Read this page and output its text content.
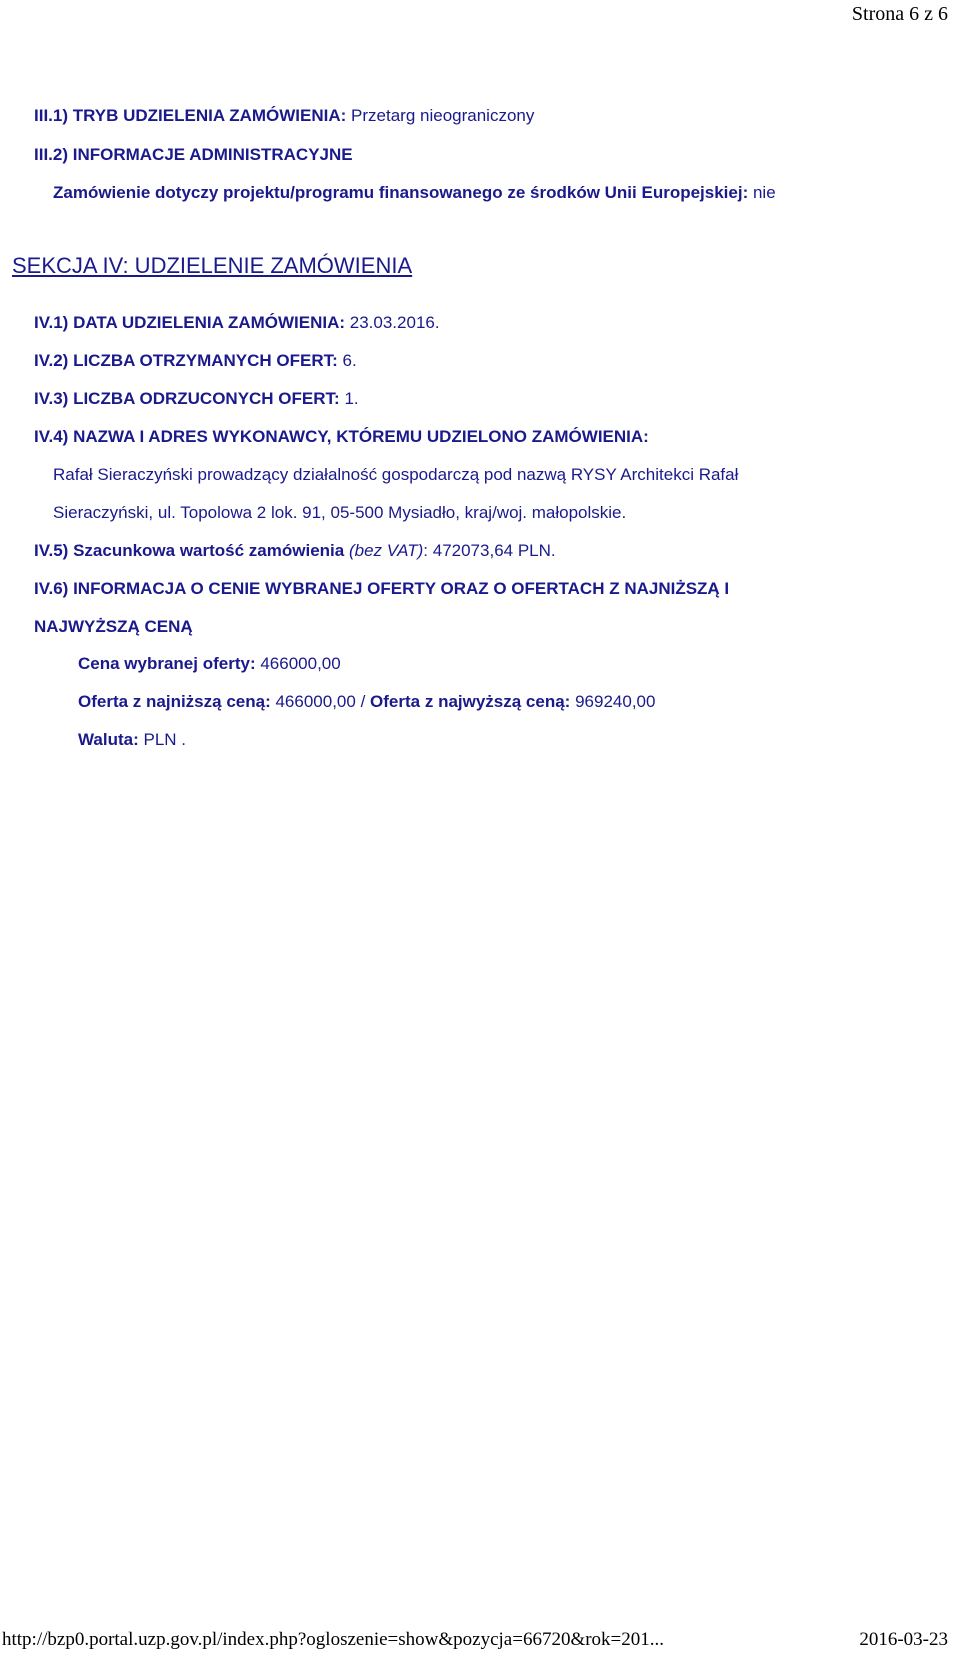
Strona 6 z 6
III.1) TRYB UDZIELENIA ZAMÓWIENIA: Przetarg nieograniczony
III.2) INFORMACJE ADMINISTRACYJNE
Zamówienie dotyczy projektu/programu finansowanego ze środków Unii Europejskiej: nie
SEKCJA IV: UDZIELENIE ZAMÓWIENIA
IV.1) DATA UDZIELENIA ZAMÓWIENIA: 23.03.2016.
IV.2) LICZBA OTRZYMANYCH OFERT: 6.
IV.3) LICZBA ODRZUCONYCH OFERT: 1.
IV.4) NAZWA I ADRES WYKONAWCY, KTÓREMU UDZIELONO ZAMÓWIENIA:
Rafał Sieraczyński prowadzący działalność gospodarczą pod nazwą RYSY Architekci Rafał
Sieraczyński, ul. Topolowa 2 lok. 91, 05-500 Mysiadło, kraj/woj. małopolskie.
IV.5) Szacunkowa wartość zamówienia (bez VAT): 472073,64 PLN.
IV.6) INFORMACJA O CENIE WYBRANEJ OFERTY ORAZ O OFERTACH Z NAJNIŻSZĄ I
NAJWYŻSZĄ CENĄ
Cena wybranej oferty: 466000,00
Oferta z najniższą ceną: 466000,00 / Oferta z najwyższą ceną: 969240,00
Waluta: PLN .
http://bzp0.portal.uzp.gov.pl/index.php?ogloszenie=show&pozycja=66720&rok=201...	2016-03-23
